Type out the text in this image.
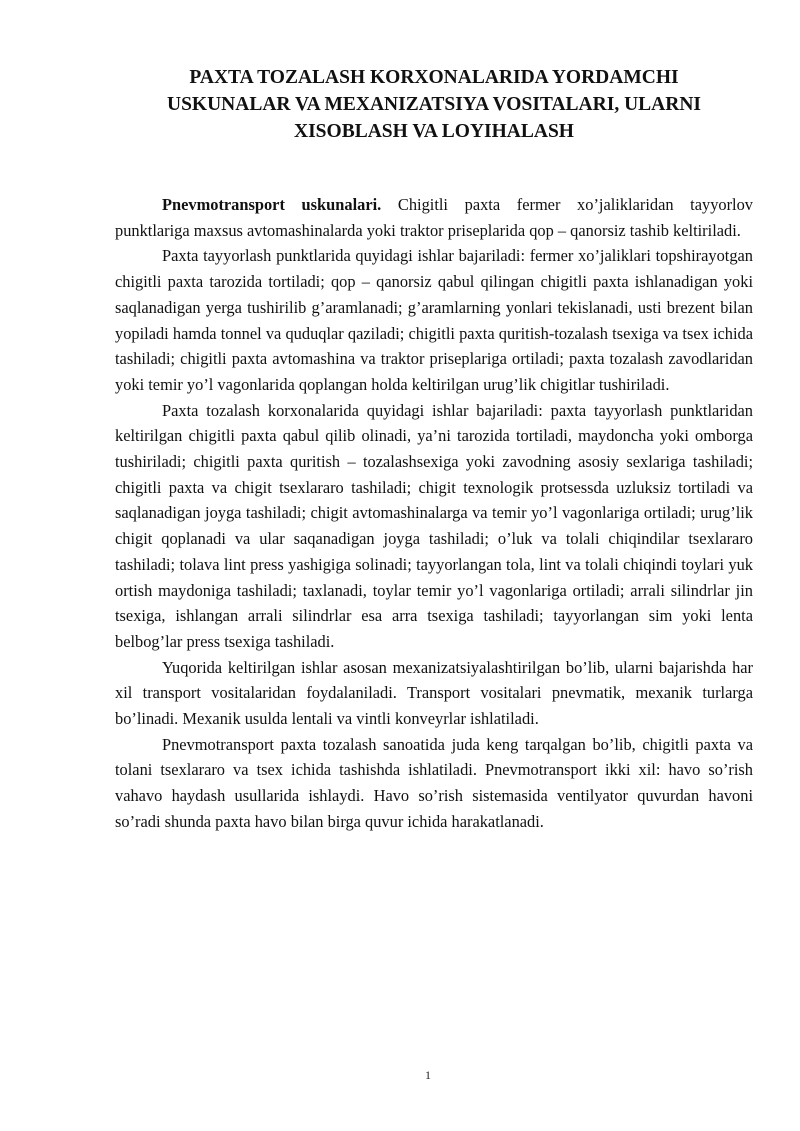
PAXTA TOZALASH KORXONALARIDA YORDAMCHI
USKUNALAR VA MEXANIZATSIYA VOSITALARI, ULARNI
XISOBLASH VA LOYIHALASH

Pnevmotransport uskunalari. Chigitli paxta fermer xo’jaliklaridan tayyorlov punktlariga maxsus avtomashinalarda yoki traktor priseplarida qop – qanorsiz tashib keltiriladi.

Paxta tayyorlash punktlarida quyidagi ishlar bajariladi: fermer xo’jaliklari topshirayotgan chigitli paxta tarozida tortiladi; qop – qanorsiz qabul qilingan chigitli paxta ishlanadigan yoki saqlanadigan yerga tushirilib g’aramlanadi; g’aramlarning yonlari tekislanadi, usti brezent bilan yopiladi hamda tonnel va quduqlar qaziladi; chigitli paxta quritish-tozalash tsexiga va tsex ichida tashiladi; chigitli paxta avtomashina va traktor priseplariga ortiladi; paxta tozalash zavodlaridan yoki temir yo’l vagonlarida qoplangan holda keltirilgan urug’lik chigitlar tushiriladi.

Paxta tozalash korxonalarida quyidagi ishlar bajariladi: paxta tayyorlash punktlaridan keltirilgan chigitli paxta qabul qilib olinadi, ya’ni tarozida tortiladi, maydoncha yoki omborga tushiriladi; chigitli paxta quritish – tozalashsexiga yoki zavodning asosiy sexlariga tashiladi; chigitli paxta va chigit tsexlararo tashiladi; chigit texnologik protsessda uzluksiz tortiladi va saqlanadigan joyga tashiladi; chigit avtomashinalarga va temir yo’l vagonlariga ortiladi; urug’lik chigit qoplanadi va ular saqanadigan joyga tashiladi; o’luk va tolali chiqindilar tsexlararo tashiladi; tolava lint press yashigiga solinadi; tayyorlangan tola, lint va tolali chiqindi toylari yuk ortish maydoniga tashiladi; taxlanadi, toylar temir yo’l vagonlariga ortiladi; arrali silindrlar jin tsexiga, ishlangan arrali silindrlar esa arra tsexiga tashiladi; tayyorlangan sim yoki lenta belbog’lar press tsexiga tashiladi.

Yuqorida keltirilgan ishlar asosan mexanizatsiyalashtirilgan bo’lib, ularni bajarishda har xil transport vositalaridan foydalaniladi. Transport vositalari pnevmatik, mexanik turlarga bo’linadi. Mexanik usulda lentali va vintli konveyrlar ishlatiladi.

Pnevmotransport paxta tozalash sanoatida juda keng tarqalgan bo’lib, chigitli paxta va tolani tsexlararo va tsex ichida tashishda ishlatiladi. Pnevmotransport ikki xil: havo so’rish vahavo haydash usullarida ishlaydi. Havo so’rish sistemasida ventilyator quvurdan havoni so’radi shunda paxta havo bilan birga quvur ichida harakatlanadi.

1
